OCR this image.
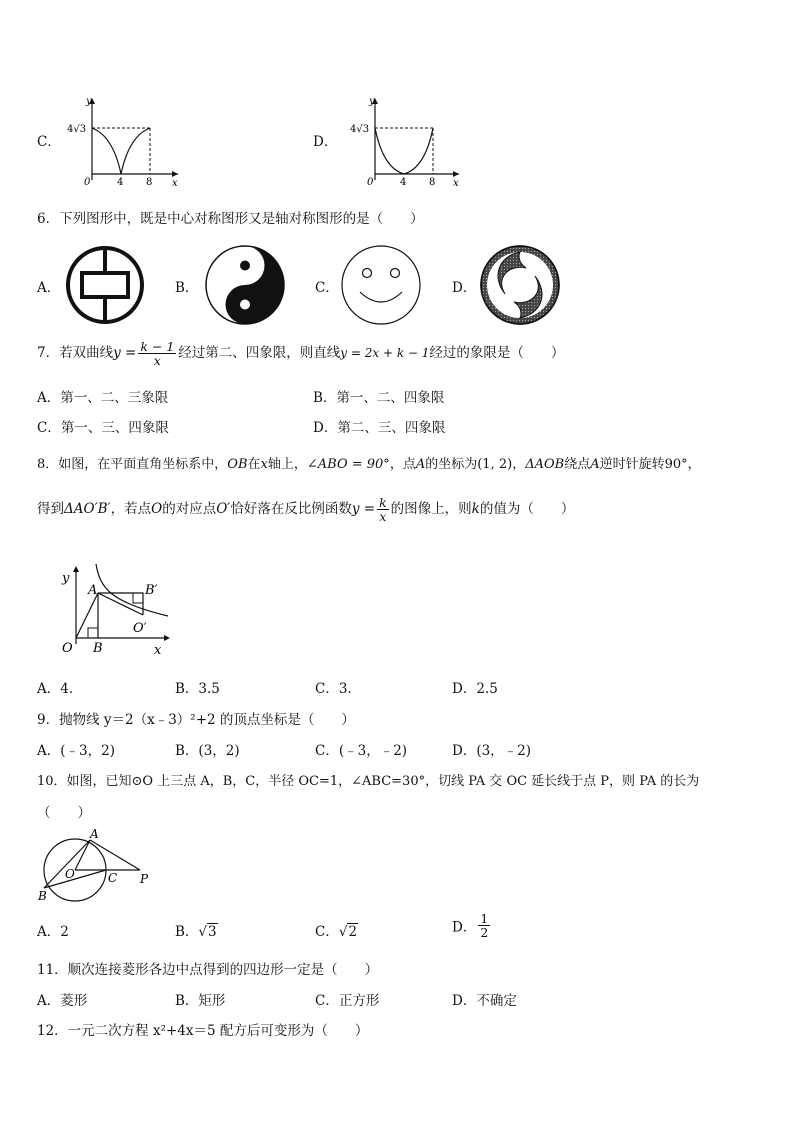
C．
y
x
0	4 8
4√3
D．
y
x
0	4 8
4√3
6．下列图形中，既是中心对称图形又是轴对称图形的是（　　）
A．	B．	C．	D．
7．若双曲线$y = \frac{k - 1}{x}$ 经过第二、四象限，则直线y = 2x + k − 1经过的象限是（　　）
A．第一、二、三象限	B．第一、二、四象限
C．第一、三、四象限	D．第二、三、四象限
8．如图，在平面直角坐标系中，OB在x轴上，∠ABO = 90°，点A的坐标为(1, 2)，ΔAOB绕点A逆时针旋转90°，
得到ΔAO′B′，若点O的对应点O′恰好落在反比例函数$y = \frac{k}{x}$ 的图像上，则k的值为（　　）
y
x
O
A
B
B′
O′
A．4.	B．3.5	C．3.	D．2.5
9．抛物线 y＝2（x﹣3）²+2 的顶点坐标是（　　）
A．(﹣3，2)	B．(3，2)	C．(﹣3，﹣2)	D．(3，﹣2)
10．如图，已知⊙O 上三点 A，B，C，半径 OC=1，∠ABC=30°，切线 PA 交 OC 延长线于点 P，则 PA 的长为
（　　）
A
B
O	C P
A．2	B．√3	C．√2	D． $\frac{1}{2}$
11．顺次连接菱形各边中点得到的四边形一定是（　　）
A．菱形	B．矩形	C．正方形	D．不确定
12．一元二次方程 x²+4x＝5 配方后可变形为（　　）
